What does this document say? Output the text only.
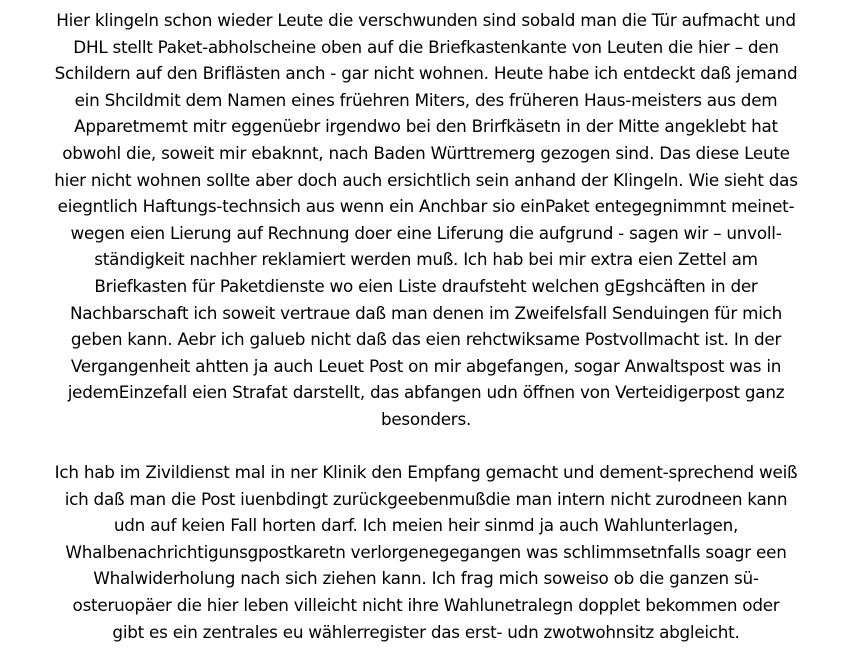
Hier klingeln schon wieder Leute die verschwunden sind sobald man die Tür aufmacht und
DHL stellt Paket-abholscheine oben auf die Briefkastenkante von Leuten die hier – den
Schildern auf den Briflästen anch - gar nicht wohnen. Heute habe ich entdeckt daß jemand
ein Shcildmit dem Namen eines früehren Miters, des früheren Haus-meisters aus dem
Apparetmemt mitr eggenüebr irgendwo bei den Brirfkäsetn in der Mitte angeklebt hat
obwohl die, soweit mir ebaknnt, nach Baden Württremerg gezogen sind. Das diese Leute
hier nicht wohnen sollte aber doch auch ersichtlich sein anhand der Klingeln. Wie sieht das
eiegntlich Haftungs-technsich aus wenn ein Anchbar sio einPaket entegegnimmnt meinet-
wegen eien Lierung auf Rechnung doer eine Liferung die aufgrund - sagen wir – unvoll-
ständigkeit nachher reklamiert werden muß. Ich hab bei mir extra eien Zettel am
Briefkasten für Paketdienste wo eien Liste draufsteht welchen gEgshcäften in der
Nachbarschaft ich soweit vertraue daß man denen im Zweifelsfall Senduingen für mich
geben kann. Aebr ich galueb nicht daß das eien rehctwiksame Postvollmacht ist. In der
Vergangenheit ahtten ja auch Leuet Post on mir abgefangen, sogar Anwaltspost was in
jedemEinzefall eien Strafat darstellt, das abfangen udn öffnen von Verteidigerpost ganz
besonders.
Ich hab im Zivildienst mal in ner Klinik den Empfang gemacht und dement-sprechend weiß
ich daß man die Post iuenbdingt zurückgeebenmußdie man intern nicht zurodneen kann
udn auf keien Fall horten darf. Ich meien heir sinmd ja auch Wahlunterlagen,
Whalbenachrichtigunsgpostkaretn verlorgenegegangen was schlimmsetnfalls soagr een
Whalwiderholung nach sich ziehen kann. Ich frag mich soweiso ob die ganzen sü-
osteruopäer die hier leben villeicht nicht ihre Wahlunetralegn dopplet bekommen oder
gibt es ein zentrales eu wählerregister das erst- udn zwotwohnsitz abgleicht.
